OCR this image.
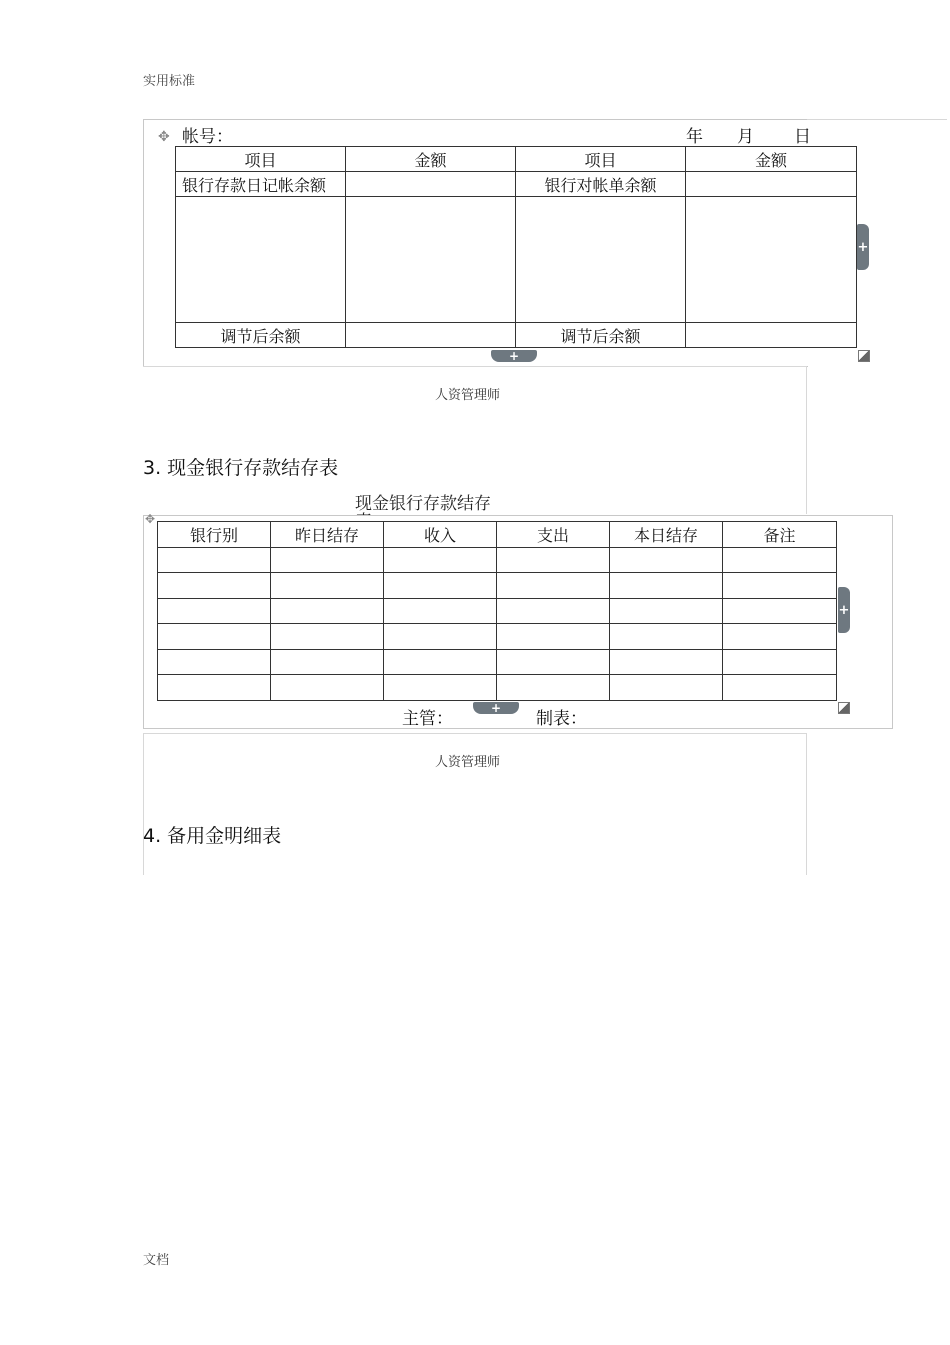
实用标准
✥ 帐号：	年 月 日
项目	金额	项目	金额
银行存款日记帐余额		银行对帐单余额	

调节后余额		调节后余额	
+
+
人资管理师
3. 现金银行存款结存表
现金银行存款结存
✥
银行别	昨日结存	收入	支出	本日结存	备注

主管：	制表：
+
+
人资管理师
4. 备用金明细表
文档
